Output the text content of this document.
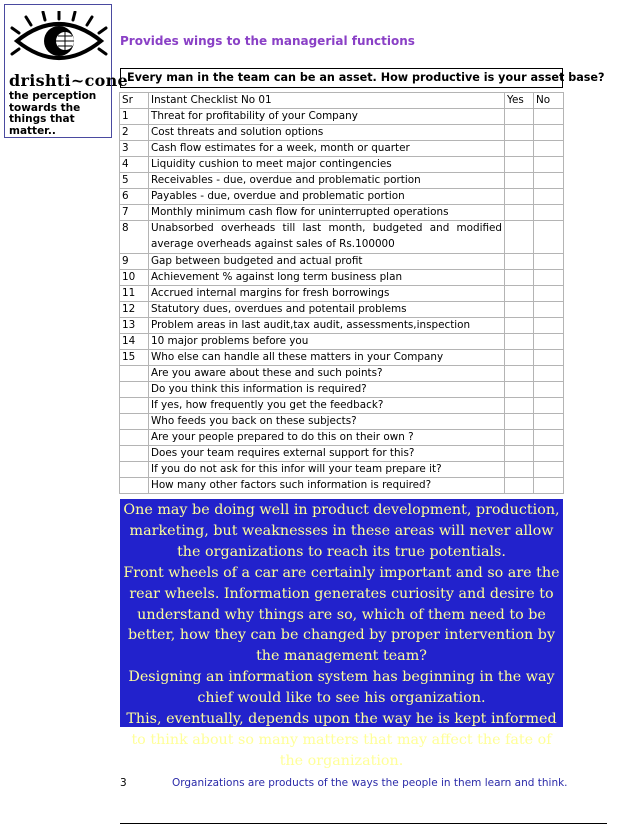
drishti~cone
the perception towards the things that matter..
Provides wings to the managerial functions
Every man in the team can be an asset. How productive is your asset base?
Sr	Instant Checklist No 01	Yes	No
1	Threat for profitability of your Company		
2	Cost threats and solution options		
3	Cash flow estimates for a week, month or quarter		
4	Liquidity cushion to meet major contingencies		
5	Receivables - due, overdue and problematic portion		
6	Payables - due, overdue and problematic portion		
7	Monthly minimum cash flow for uninterrupted operations		
8	Unabsorbed overheads till last month, budgeted and modified
average overheads against sales of Rs.100000		

9	Gap between budgeted and actual profit		
10	Achievement % against long term business plan		
11	Accrued internal margins for fresh borrowings		
12	Statutory dues, overdues and potentail problems		
13	Problem areas in last audit,tax audit, assessments,inspection		
14	10 major problems before you		
15	Who else can handle all these matters in your Company		
	Are you aware about these and such points?		
	Do you think this information is required?		
	If yes, how frequently you get the feedback?		
	Who feeds you back on these subjects?		
	Are your people prepared to do this on their own ?		
	Does your team requires external support for this?		
	If you do not ask for this infor will your team prepare it?		
	How many other factors such information is required?		

One may be doing well in product development, production, marketing, but weaknesses in these areas will never allow the organizations to reach its true potentials.

Front wheels of a car are certainly important and so are the rear wheels. Information generates curiosity and desire to understand why things are so, which of them need to be better, how they can be changed by proper intervention by the management team?

Designing an information system has beginning in the way chief would like to see his organization.

This, eventually, depends upon the way he is kept informed to think about so many matters that may affect the fate of the organization.

3	Organizations are products of the ways the people in them learn and think.
